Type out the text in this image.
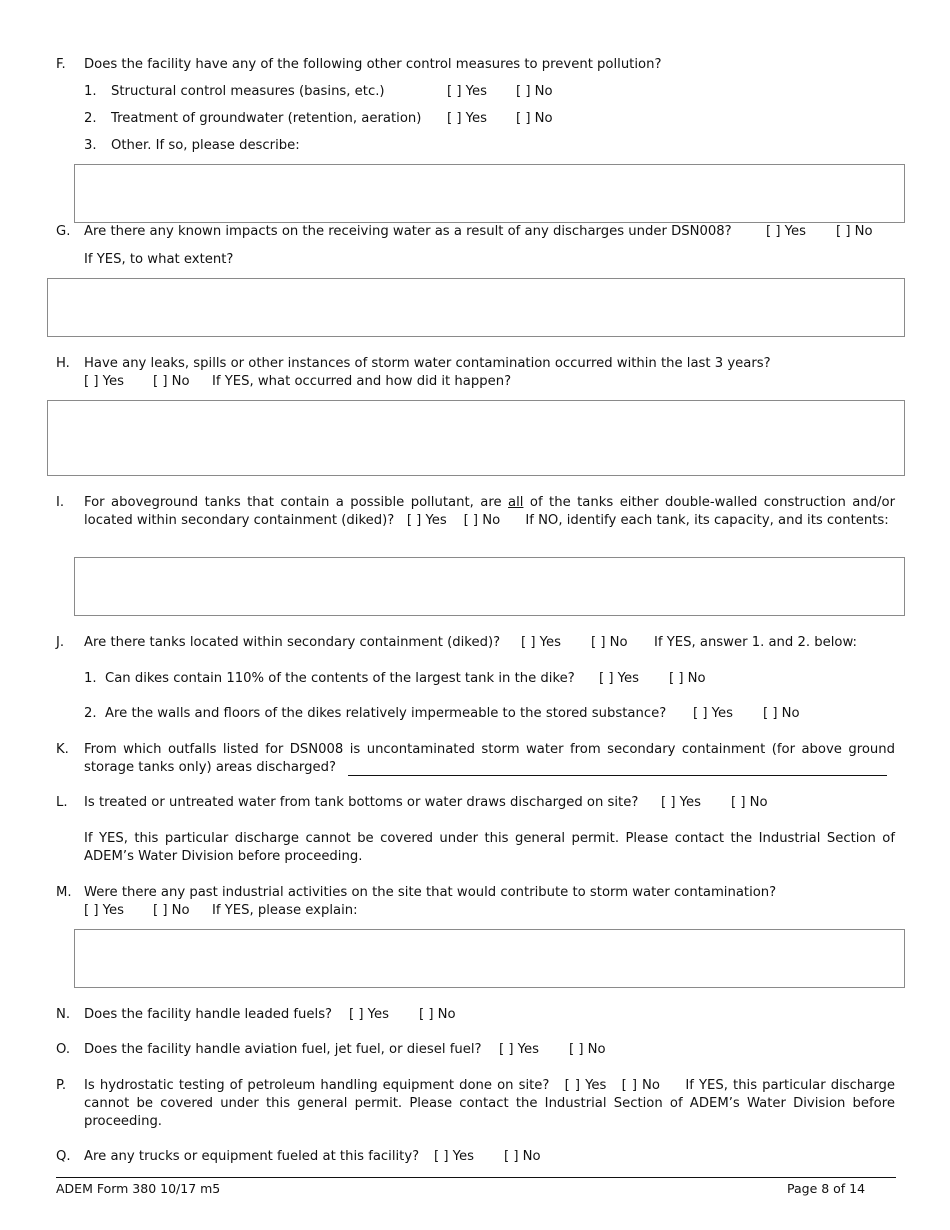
F. Does the facility have any of the following other control measures to prevent pollution?
1. Structural control measures (basins, etc.)	[ ] Yes [ ] No
2. Treatment of groundwater (retention, aeration) [ ] Yes [ ] No
3. Other. If so, please describe:
G. Are there any known impacts on the receiving water as a result of any discharges under DSN008?	[ ] Yes [ ] No
If YES, to what extent?
H. Have any leaks, spills or other instances of storm water contamination occurred within the last 3 years?
[ ] Yes [ ] No If YES, what occurred and how did it happen?
I. For aboveground tanks that contain a possible pollutant, are all of the tanks either double-walled construction and/or located within secondary containment (diked)? [ ] Yes [ ] No If NO, identify each tank, its capacity, and its contents:
J. Are there tanks located within secondary containment (diked)? [ ] Yes [ ] No If YES, answer 1. and 2. below:
1. Can dikes contain 110% of the contents of the largest tank in the dike? [ ] Yes [ ] No
2. Are the walls and floors of the dikes relatively impermeable to the stored substance? [ ] Yes [ ] No
K. From which outfalls listed for DSN008 is uncontaminated storm water from secondary containment (for above ground storage tanks only) areas discharged?
L. Is treated or untreated water from tank bottoms or water draws discharged on site? [ ] Yes [ ] No
If YES, this particular discharge cannot be covered under this general permit. Please contact the Industrial Section of ADEM’s Water Division before proceeding.
M. Were there any past industrial activities on the site that would contribute to storm water contamination?
[ ] Yes [ ] No If YES, please explain:
N. Does the facility handle leaded fuels? [ ] Yes [ ] No
O. Does the facility handle aviation fuel, jet fuel, or diesel fuel? [ ] Yes [ ] No
P. Is hydrostatic testing of petroleum handling equipment done on site? [ ] Yes [ ] No If YES, this particular discharge cannot be covered under this general permit. Please contact the Industrial Section of ADEM’s Water Division before proceeding.
Q. Are any trucks or equipment fueled at this facility? [ ] Yes [ ] No
ADEM Form 380 10/17 m5	Page 8 of 14
